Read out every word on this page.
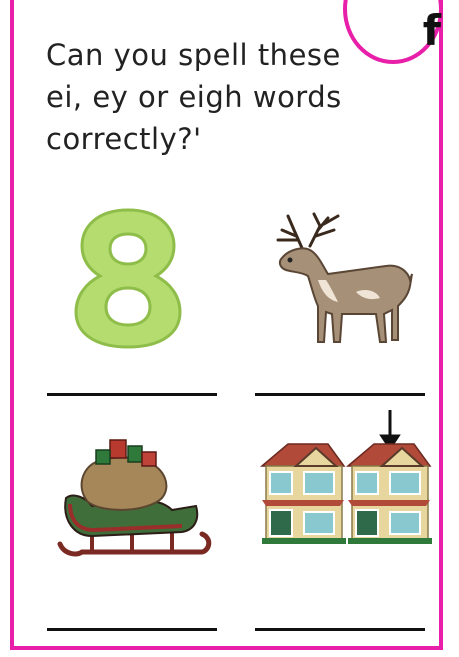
f
Can you spell these
ei, ey or eigh words
correctly?'
